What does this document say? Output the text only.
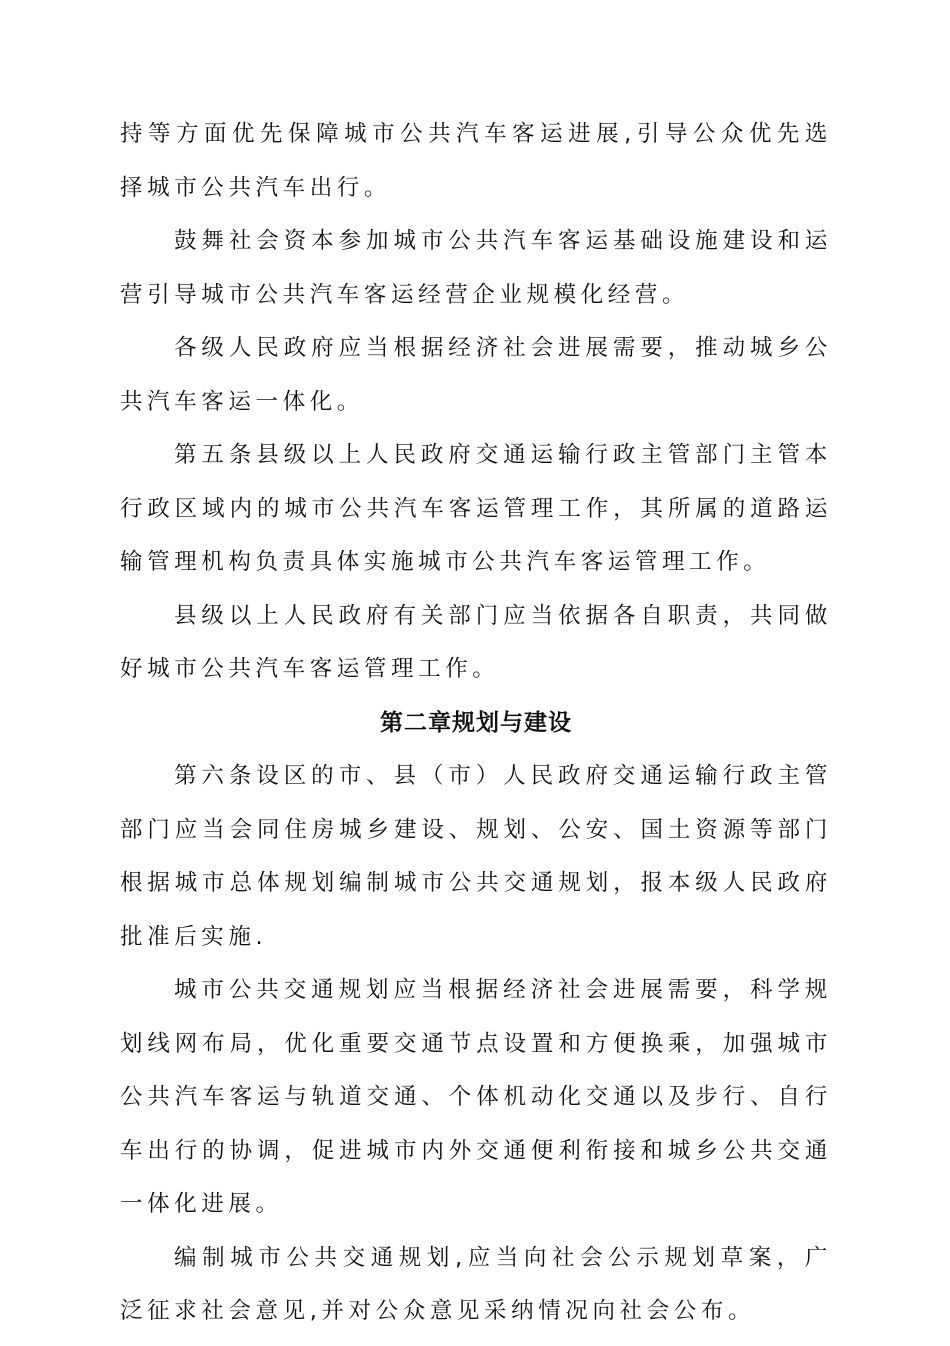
持等方面优先保障城市公共汽车客运进展,引导公众优先选择城市公共汽车出行。

鼓舞社会资本参加城市公共汽车客运基础设施建设和运营引导城市公共汽车客运经营企业规模化经营。

各级人民政府应当根据经济社会进展需要，推动城乡公共汽车客运一体化。

第五条县级以上人民政府交通运输行政主管部门主管本行政区域内的城市公共汽车客运管理工作，其所属的道路运输管理机构负责具体实施城市公共汽车客运管理工作。

县级以上人民政府有关部门应当依据各自职责，共同做好城市公共汽车客运管理工作。

第二章规划与建设

第六条设区的市、县（市）人民政府交通运输行政主管部门应当会同住房城乡建设、规划、公安、国土资源等部门根据城市总体规划编制城市公共交通规划，报本级人民政府批准后实施.

城市公共交通规划应当根据经济社会进展需要，科学规划线网布局，优化重要交通节点设置和方便换乘，加强城市公共汽车客运与轨道交通、个体机动化交通以及步行、自行车出行的协调，促进城市内外交通便利衔接和城乡公共交通一体化进展。

编制城市公共交通规划,应当向社会公示规划草案，广泛征求社会意见,并对公众意见采纳情况向社会公布。
